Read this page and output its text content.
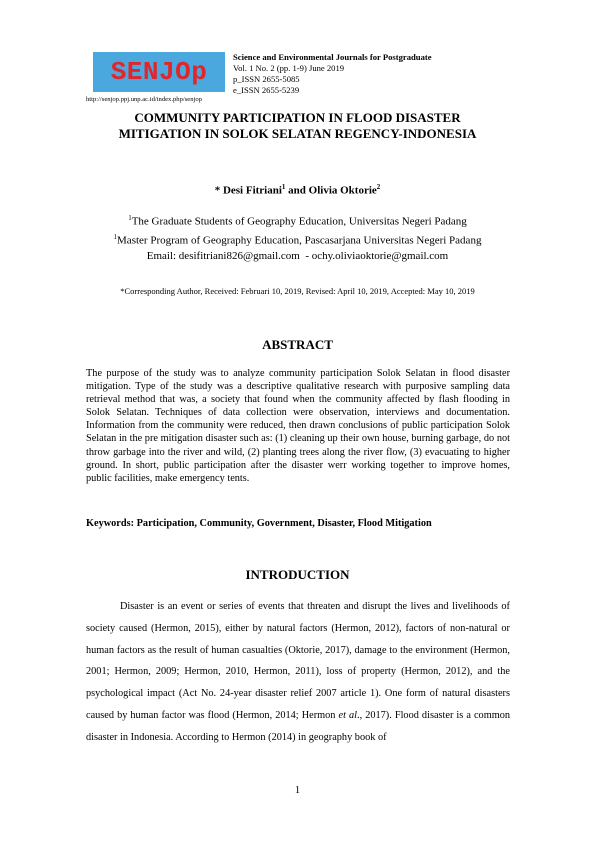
SENJOp
http://senjop.ppj.unp.ac.id/index.php/senjop
Science and Environmental Journals for Postgraduate
Vol. 1 No. 2 (pp. 1-9) June 2019
p_ISSN 2655-5085
e_ISSN 2655-5239
COMMUNITY PARTICIPATION IN FLOOD DISASTER
MITIGATION IN SOLOK SELATAN REGENCY-INDONESIA
* Desi Fitriani$^1$ and Olivia Oktorie$^2$
$^1$The Graduate Students of Geography Education, Universitas Negeri Padang
$^1$Master Program of Geography Education, Pascasarjana Universitas Negeri Padang
Email: desifitriani826@gmail.com  - ochy.oliviaoktorie@gmail.com
*Corresponding Author, Received: Februari 10, 2019, Revised: April 10, 2019, Accepted: May 10, 2019
ABSTRACT
The purpose of the study was to analyze community participation Solok Selatan in flood disaster mitigation. Type of the study was a descriptive qualitative research with purposive sampling data retrieval method that was, a society that found when the community affected by flash flooding in Solok Selatan. Techniques of data collection were observation, interviews and documentation. Information from the community were reduced, then drawn conclusions of public participation Solok Selatan in the pre mitigation disaster such as: (1) cleaning up their own house, burning garbage, do not throw garbage into the river and wild, (2) planting trees along the river flow, (3) evacuating to higher ground. In short, public participation after the disaster werr working together to improve homes, public facilities, make emergency tents.
Keywords: Participation, Community, Government, Disaster, Flood Mitigation
INTRODUCTION
Disaster is an event or series of events that threaten and disrupt the lives and livelihoods of society caused (Hermon, 2015), either by natural factors (Hermon, 2012), factors of non-natural or human factors as the result of human casualties (Oktorie, 2017), damage to the environment (Hermon, 2001; Hermon, 2009; Hermon, 2010, Hermon, 2011), loss of property (Hermon, 2012), and the psychological impact (Act No. 24-year disaster relief 2007 article 1). One form of natural disasters caused by human factor was flood (Hermon, 2014; Hermon et al., 2017). Flood disaster is a common disaster in Indonesia. According to Hermon (2014) in geography book of
1
